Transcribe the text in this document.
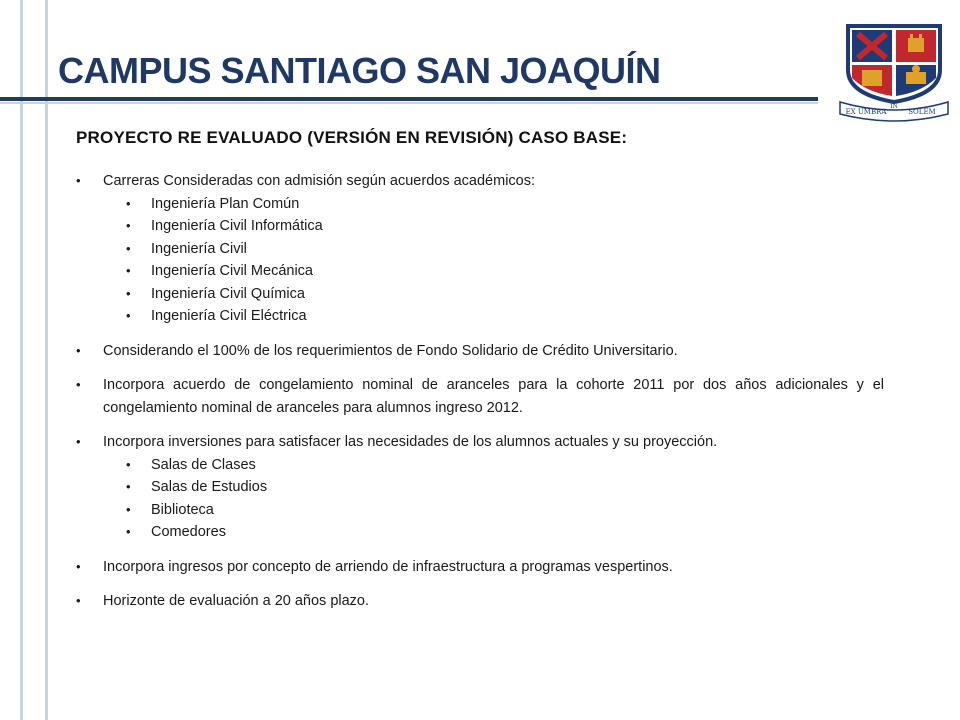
CAMPUS SANTIAGO SAN JOAQUÍN
EX UMBRA
IN
SOLEM

PROYECTO RE EVALUADO (VERSIÓN EN REVISIÓN) CASO BASE:

• Carreras Consideradas con admisión según acuerdos académicos:
• Ingeniería Plan Común
• Ingeniería Civil Informática
• Ingeniería Civil
• Ingeniería Civil Mecánica
• Ingeniería Civil Química
• Ingeniería Civil Eléctrica
• Considerando el 100% de los requerimientos de Fondo Solidario de Crédito Universitario.
• Incorpora acuerdo de congelamiento nominal de aranceles para la cohorte 2011 por dos años adicionales y el congelamiento nominal de aranceles para alumnos ingreso 2012.
• Incorpora inversiones para satisfacer las necesidades de los alumnos actuales y su proyección.
• Salas de Clases
• Salas de Estudios
• Biblioteca
• Comedores
• Incorpora ingresos por concepto de arriendo de infraestructura a programas vespertinos.
• Horizonte de evaluación a 20 años plazo.
